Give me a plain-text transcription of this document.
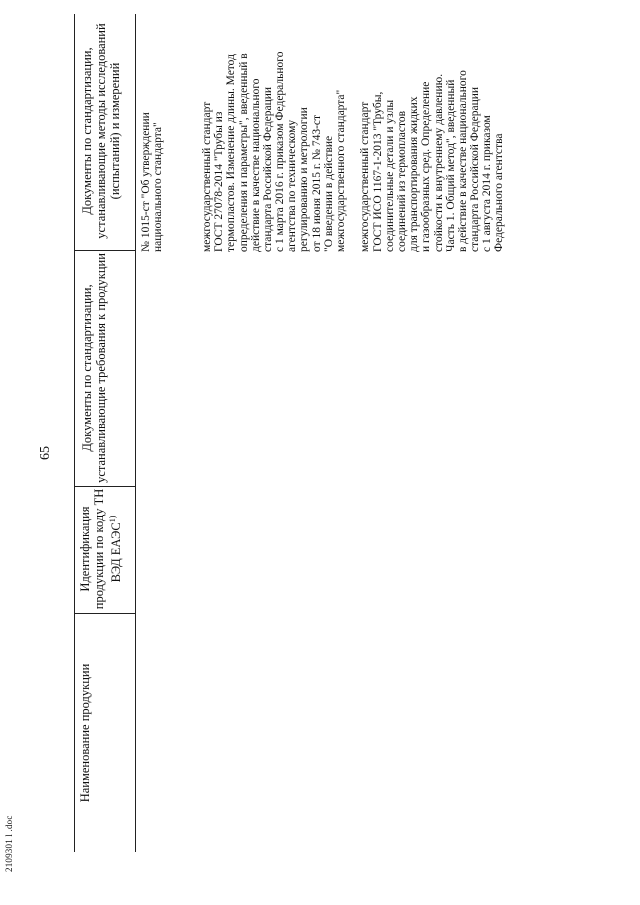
65
2109301 l .doc
Наименование продукции
Идентификация продукции по коду ТН ВЭД ЕАЭС$^{1)}$
Документы по стандартизации, устанавливающие требования к продукции
Документы по стандартизации, устанавливающие методы исследований (испытаний) и измерений № 1015-ст "Об утверждении национального стандарта"	межгосударственный стандарт ГОСТ 27078-2014 "Трубы из термопластов. Изменение длины. Метод определения и параметры", введенный в действие в качестве национального стандарта Российской Федерации с 1 марта 2016 г. приказом Федерального агентства по техническому регулированию и метрологии от 18 июня 2015 г. № 743-ст "О введении в действие межгосударственного стандарта" межгосударственный стандарт ГОСТ ИСО 1167-1-2013 "Трубы, соединительные детали и узлы соединений из термопластов для транспортирования жидких и газообразных сред. Определение стойкости к внутреннему давлению. Часть 1. Общий метод", введенный в действие в качестве национального стандарта Российской Федерации с 1 августа 2014 г. приказом Федерального агентства
